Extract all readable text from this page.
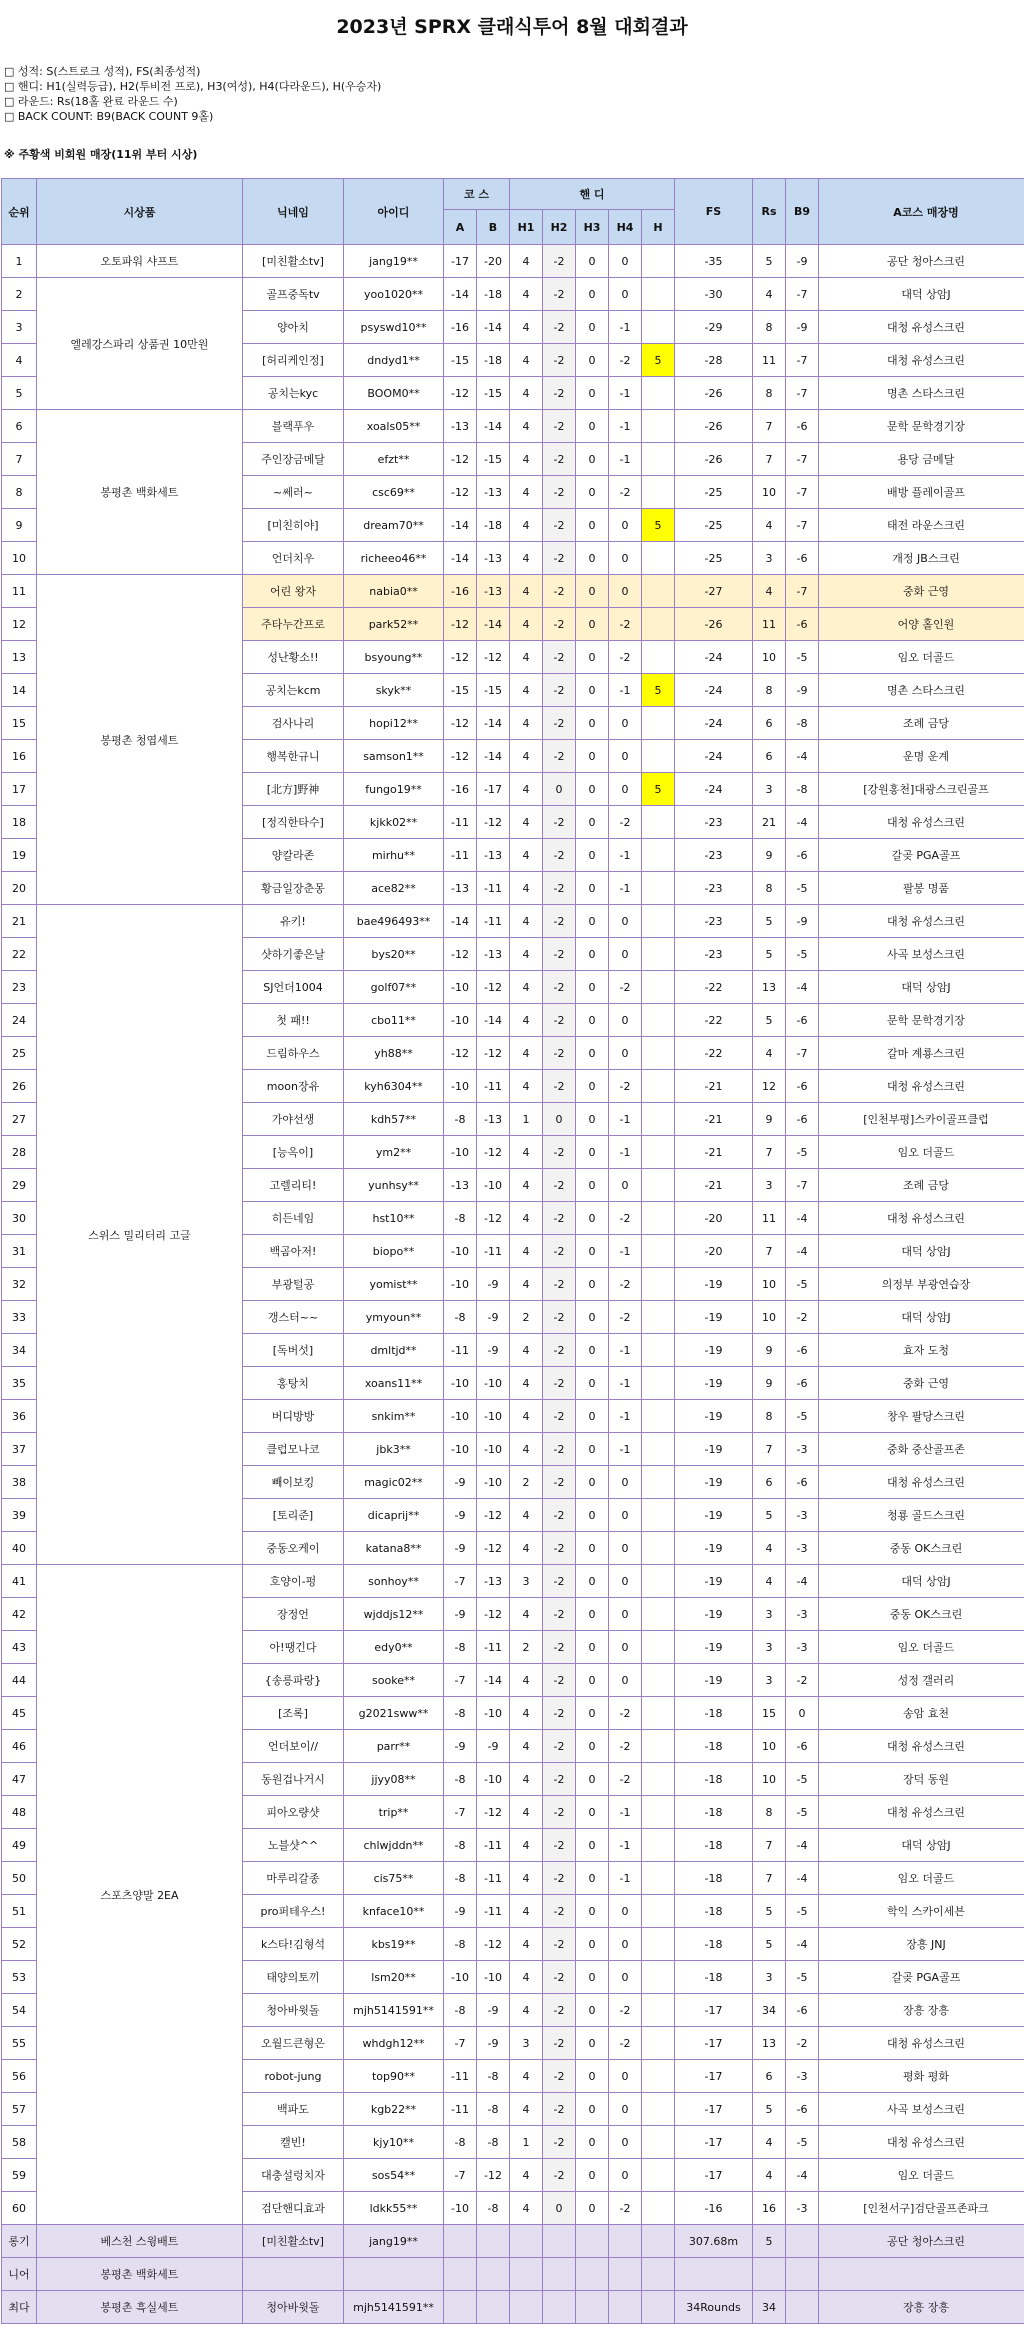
2023년 SPRX 클래식투어 8월 대회결과
□ 성적: S(스트로크 성적), FS(최종성적)
□ 핸디: H1(실력등급), H2(투비전 프로), H3(여성), H4(다라운드), H(우승자)
□ 라운드: Rs(18홀 완료 라운드 수)
□ BACK COUNT: B9(BACK COUNT 9홀)
※ 주황색 비회원 매장(11위 부터 시상)
순위	시상품	닉네임	아이디	코 스		핸 디					FS	Rs	B9	A코스 매장명
				A	B	H1	H2	H3	H4	H				
1	오토파워 샤프트	[미친활소tv]	jang19**	-17	-20	4	-2	0	0		-35	5	-9	공단 청아스크린
2	엘레강스파리 상품권 10만원	골프중독tv	yoo1020**	-14	-18	4	-2	0	0		-30	4	-7	대덕 상암J
3		양아치	psyswd10**	-16	-14	4	-2	0	-1		-29	8	-9	대청 유성스크린
4		[허리케인정]	dndyd1**	-15	-18	4	-2	0	-2	5	-28	11	-7	대청 유성스크린
5		공치는kyc	BOOM0**	-12	-15	4	-2	0	-1		-26	8	-7	명촌 스타스크린
6	봉평촌 백화세트	블랙푸우	xoals05**	-13	-14	4	-2	0	-1		-26	7	-6	문학 문학경기장
7		주인장금메달	efzt**	-12	-15	4	-2	0	-1		-26	7	-7	용당 금메달
8		~쎄러~	csc69**	-12	-13	4	-2	0	-2		-25	10	-7	배방 플레이골프
9		[미친히야]	dream70**	-14	-18	4	-2	0	0	5	-25	4	-7	태전 라운스크린
10		언더치우	richeeo46**	-14	-13	4	-2	0	0		-25	3	-6	개정 JB스크린
11	봉평촌 청엽세트	어린 왕자	nabia0**	-16	-13	4	-2	0	0		-27	4	-7	중화 근영
12		주타누간프로	park52**	-12	-14	4	-2	0	-2		-26	11	-6	어양 홀인원
13		성난황소!!	bsyoung**	-12	-12	4	-2	0	-2		-24	10	-5	임오 더골드
14		공치는kcm	skyk**	-15	-15	4	-2	0	-1	5	-24	8	-9	명촌 스타스크린
15		검사나리	hopi12**	-12	-14	4	-2	0	0		-24	6	-8	조례 금당
16		행복한규니	samson1**	-12	-14	4	-2	0	0		-24	6	-4	운명 운계
17		[北方]野神	fungo19**	-16	-17	4	0	0	0	5	-24	3	-8	[강원홍천]대광스크린골프
18		[정직한타수]	kjkk02**	-11	-12	4	-2	0	-2		-23	21	-4	대청 유성스크린
19		양칼라존	mirhu**	-11	-13	4	-2	0	-1		-23	9	-6	갈곶 PGA골프
20		황금일장춘몽	ace82**	-13	-11	4	-2	0	-1		-23	8	-5	팔봉 명품
21	스위스 밀리터리 고글	유키!	bae496493**	-14	-11	4	-2	0	0		-23	5	-9	대청 유성스크린
22		샷하기좋은날	bys20**	-12	-13	4	-2	0	0		-23	5	-5	사곡 보성스크린
23		SJ언더1004	golf07**	-10	-12	4	-2	0	-2		-22	13	-4	대덕 상암J
24		첫 패!!	cbo11**	-10	-14	4	-2	0	0		-22	5	-6	문학 문학경기장
25		드림하우스	yh88**	-12	-12	4	-2	0	0		-22	4	-7	갈마 계룡스크린
26		moon장유	kyh6304**	-10	-11	4	-2	0	-2		-21	12	-6	대청 유성스크린
27		가야선생	kdh57**	-8	-13	1	0	0	-1		-21	9	-6	[인천부평]스카이골프클럽
28		[능옥이]	ym2**	-10	-12	4	-2	0	-1		-21	7	-5	임오 더골드
29		고렐리티!	yunhsy**	-13	-10	4	-2	0	0		-21	3	-7	조례 금당
30		히든네임	hst10**	-8	-12	4	-2	0	-2		-20	11	-4	대청 유성스크린
31		백곰아저!	biopo**	-10	-11	4	-2	0	-1		-20	7	-4	대덕 상암J
32		부광털공	yomist**	-10	-9	4	-2	0	-2		-19	10	-5	의정부 부광연습장
33		갱스터~~	ymyoun**	-8	-9	2	-2	0	-2		-19	10	-2	대덕 상암J
34		[독버섯]	dmltjd**	-11	-9	4	-2	0	-1		-19	9	-6	효자 도청
35		홍탕치	xoans11**	-10	-10	4	-2	0	-1		-19	9	-6	중화 근영
36		버디방방	snkim**	-10	-10	4	-2	0	-1		-19	8	-5	창우 팔당스크린
37		클럽모나코	jbk3**	-10	-10	4	-2	0	-1		-19	7	-3	중화 중산골프존
38		빼이보킹	magic02**	-9	-10	2	-2	0	0		-19	6	-6	대청 유성스크린
39		[토리준]	dicaprij**	-9	-12	4	-2	0	0		-19	5	-3	청룡 골드스크린
40		중동오케이	katana8**	-9	-12	4	-2	0	0		-19	4	-3	중동 OK스크린
41	스포츠양말 2EA	호양이-펑	sonhoy**	-7	-13	3	-2	0	0		-19	4	-4	대덕 상암J
42		장정언	wjddjs12**	-9	-12	4	-2	0	0		-19	3	-3	중동 OK스크린
43		아!땡긴다	edy0**	-8	-11	2	-2	0	0		-19	3	-3	임오 더골드
44		{송릉파랑}	sooke**	-7	-14	4	-2	0	0		-19	3	-2	성정 갤러리
45		[조록]	g2021sww**	-8	-10	4	-2	0	-2		-18	15	0	송암 효천
46		언더보이//	parr**	-9	-9	4	-2	0	-2		-18	10	-6	대청 유성스크린
47		동원겁나거시	jjyy08**	-8	-10	4	-2	0	-2		-18	10	-5	장덕 동원
48		피아오량샷	trip**	-7	-12	4	-2	0	-1		-18	8	-5	대청 유성스크린
49		노블샷^^	chlwjddn**	-8	-11	4	-2	0	-1		-18	7	-4	대덕 상암J
50		마루리갈종	cis75**	-8	-11	4	-2	0	-1		-18	7	-4	임오 더골드
51		pro퍼테우스!	knface10**	-9	-11	4	-2	0	0		-18	5	-5	학익 스카이세븐
52		k스타!김형석	kbs19**	-8	-12	4	-2	0	0		-18	5	-4	장흥 JNJ
53		태양의토끼	lsm20**	-10	-10	4	-2	0	0		-18	3	-5	갈곶 PGA골프
54		청아바윗돌	mjh5141591**	-8	-9	4	-2	0	-2		-17	34	-6	장흥 장흥
55		오월드큰형은	whdgh12**	-7	-9	3	-2	0	-2		-17	13	-2	대청 유성스크린
56		robot-jung	top90**	-11	-8	4	-2	0	0		-17	6	-3	평화 평화
57		백파도	kgb22**	-11	-8	4	-2	0	0		-17	5	-6	사곡 보성스크린
58		캘빈!	kjy10**	-8	-8	1	-2	0	0		-17	4	-5	대청 유성스크린
59		대충설렁치자	sos54**	-7	-12	4	-2	0	0		-17	4	-4	임오 더골드
60		검단핸디효과	ldkk55**	-10	-8	4	0	0	-2		-16	16	-3	[인천서구]검단골프존파크
롱기	베스천 스윙배트	[미친활소tv]	jang19**								307.68m	5		공단 청아스크린
니어	봉평촌 백화세트													
최다	봉평촌 흑실세트	청아바윗돌	mjh5141591**								34Rounds	34		장흥 장흥
